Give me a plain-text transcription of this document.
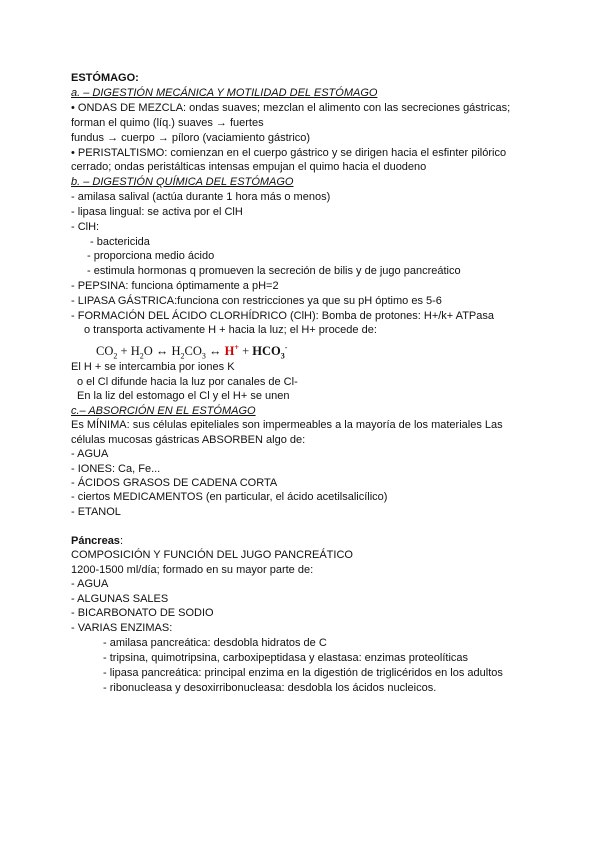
ESTÓMAGO:
a. – DIGESTIÓN MECÁNICA Y MOTILIDAD DEL ESTÓMAGO
• ONDAS DE MEZCLA: ondas suaves; mezclan el alimento con las secreciones gástricas;
forman el quimo (líq.) suaves → fuertes
fundus → cuerpo → píloro (vaciamiento gástrico)
• PERISTALTISMO: comienzan en el cuerpo gástrico y se dirigen hacia el esfinter pilórico
cerrado; ondas peristálticas intensas empujan el quimo hacia el duodeno
b. – DIGESTIÓN QUÍMICA DEL ESTÓMAGO
- amilasa salival (actúa durante 1 hora más o menos)
- lipasa lingual: se activa por el ClH
- ClH:
- bactericida
- proporciona medio ácido
- estimula hormonas q promueven la secreción de bilis y de jugo pancreático
- PEPSINA: funciona óptimamente a pH=2
- LIPASA GÁSTRICA:funciona con restricciones ya que su pH óptimo es 5-6
- FORMACIÓN DEL ÁCIDO CLORHÍDRICO (ClH): Bomba de protones: H+/k+ ATPasa
o transporta activamente H + hacia la luz; el H+ procede de:
$CO_2 + H_2O$ ↔ $H_2CO_3$ ↔ $H^+ + HCO_3^-$
El H + se intercambia por iones K
o el Cl difunde hacia la luz por canales de Cl-
En la liz del estomago el Cl y el H+ se unen
c.– ABSORCIÓN EN EL ESTÓMAGO
Es MÍNIMA: sus células epiteliales son impermeables a la mayoría de los materiales Las
células mucosas gástricas ABSORBEN algo de:
- AGUA
- IONES: Ca, Fe...
- ÁCIDOS GRASOS DE CADENA CORTA
- ciertos MEDICAMENTOS (en particular, el ácido acetilsalicílico)
- ETANOL
Páncreas:
COMPOSICIÓN Y FUNCIÓN DEL JUGO PANCREÁTICO
1200-1500 ml/día; formado en su mayor parte de:
- AGUA
- ALGUNAS SALES
- BICARBONATO DE SODIO
- VARIAS ENZIMAS:
- amilasa pancreática: desdobla hidratos de C
- tripsina, quimotripsina, carboxipeptidasa y elastasa: enzimas proteolíticas
- lipasa pancreática: principal enzima en la digestión de triglicéridos en los adultos
- ribonucleasa y desoxirribonucleasa: desdobla los ácidos nucleicos.
